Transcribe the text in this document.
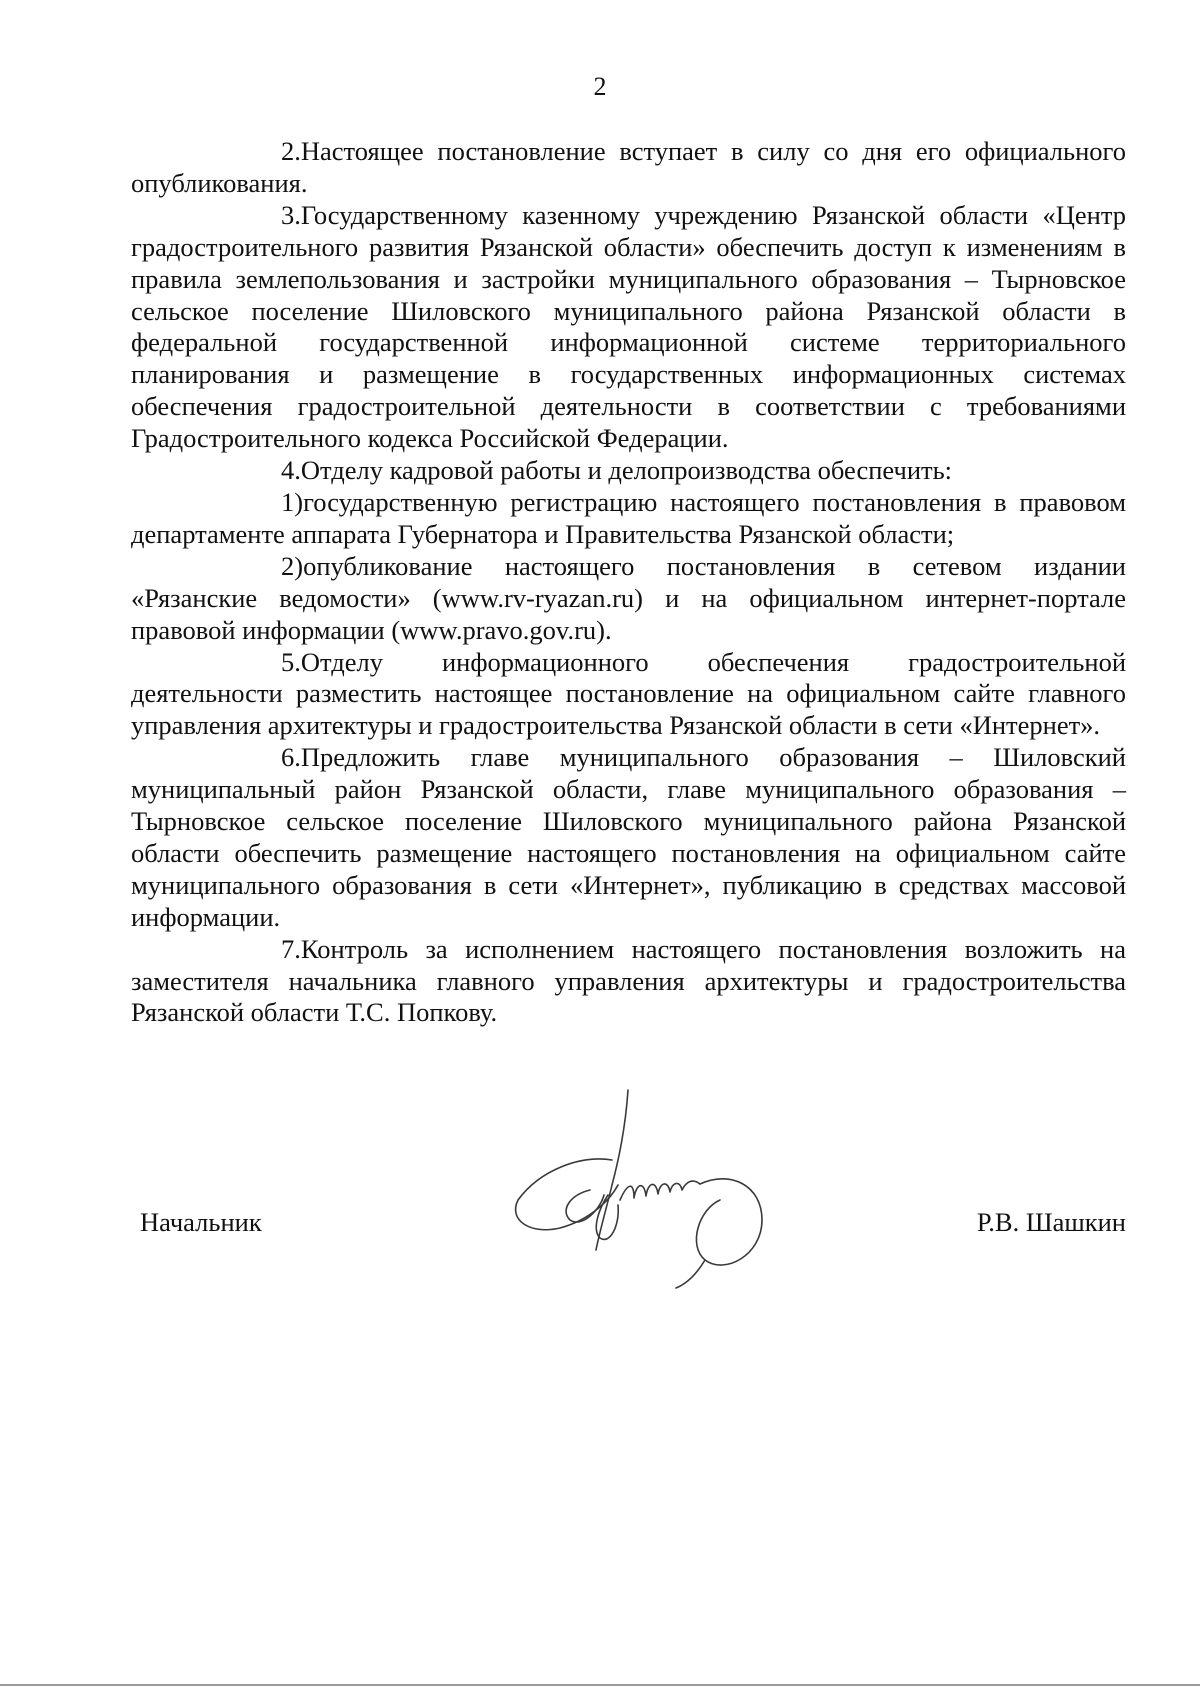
2

2.Настоящее постановление вступает в силу со дня его официального опубликования.

3.Государственному казенному учреждению Рязанской области «Центр градостроительного развития Рязанской области» обеспечить доступ к изменениям в правила землепользования и застройки муниципального образования – Тырновское сельское поселение Шиловского муниципального района Рязанской области в федеральной государственной информационной системе территориального планирования и размещение в государственных информационных системах обеспечения градостроительной деятельности в соответствии с требованиями Градостроительного кодекса Российской Федерации.

4.Отделу кадровой работы и делопроизводства обеспечить:

1)государственную регистрацию настоящего постановления в правовом департаменте аппарата Губернатора и Правительства Рязанской области;

2)опубликование настоящего постановления в сетевом издании «Рязанские ведомости» (www.rv-ryazan.ru) и на официальном интернет-портале правовой информации (www.pravo.gov.ru).

5.Отделу информационного обеспечения градостроительной деятельности разместить настоящее постановление на официальном сайте главного управления архитектуры и градостроительства Рязанской области в сети «Интернет».

6.Предложить главе муниципального образования – Шиловский муниципальный район Рязанской области, главе муниципального образования – Тырновское сельское поселение Шиловского муниципального района Рязанской области обеспечить размещение настоящего постановления на официальном сайте муниципального образования в сети «Интернет», публикацию в средствах массовой информации.

7.Контроль за исполнением настоящего постановления возложить на заместителя начальника главного управления архитектуры и градостроительства Рязанской области Т.С. Попкову.

Начальник	Р.В. Шашкин
